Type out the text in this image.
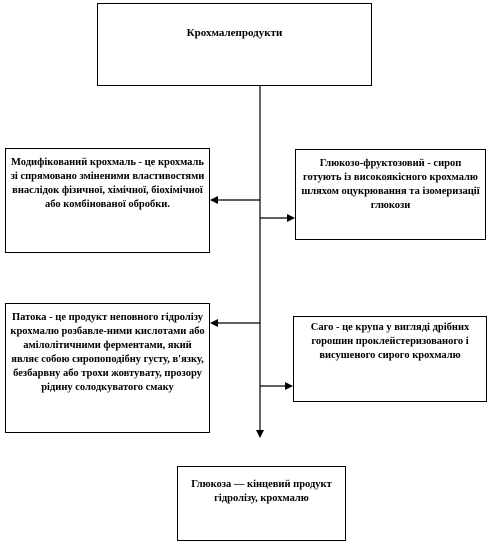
Крохмалепродукти
Модифікований крохмаль - це крохмаль зі спрямовано зміненими властивостями внаслідок фізичної, хімічної, біохімічної або комбінованої обробки.
Глюкозо-фруктозовий - сироп готують із високоякісного крохмалю шляхом оцукрювання та ізомеризації глюкози
Патока - це продукт неповного гідролізу крохмалю розбавле-ними кислотами або амілолітичними ферментами, який являє собою сиропоподібну густу, в'язку, безбарвну або трохи жовтувату, прозору рідину солодкуватого смаку
Саго - це крупа у вигляді дрібних горошин проклейстеризованого і висушеного сирого крохмалю
Глюкоза — кінцевий продукт гідролізу, крохмалю
